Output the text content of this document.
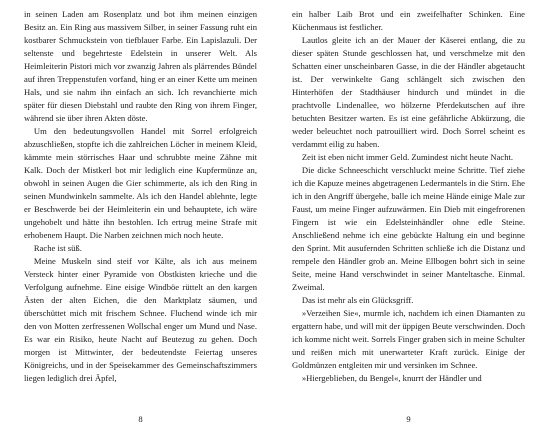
in seinen Laden am Rosenplatz und bot ihm meinen einzigen Besitz an. Ein Ring aus massivem Silber, in seiner Fassung ruht ein kostbarer Schmuckstein von tiefblauer Farbe. Ein Lapislazuli. Der seltenste und begehrteste Edelstein in unserer Welt. Als Heimleiterin Pistori mich vor zwanzig Jahren als plärrendes Bündel auf ihren Treppenstufen vorfand, hing er an einer Kette um meinen Hals, und sie nahm ihn einfach an sich. Ich revanchierte mich später für diesen Diebstahl und raubte den Ring von ihrem Finger, während sie über ihren Akten döste.

Um den bedeutungsvollen Handel mit Sorrel erfolgreich abzuschließen, stopfte ich die zahlreichen Löcher in meinem Kleid, kämmte mein störrisches Haar und schrubbte meine Zähne mit Kalk. Doch der Mistkerl bot mir lediglich eine Kupfermünze an, obwohl in seinen Augen die Gier schimmerte, als ich den Ring in seinen Mundwinkeln sammelte. Als ich den Handel ablehnte, legte er Beschwerde bei der Heimleiterin ein und behauptete, ich wäre ungehobelt und hätte ihn bestohlen. Ich ertrug meine Strafe mit erhobenem Haupt. Die Narben zeichnen mich noch heute.

Rache ist süß.

Meine Muskeln sind steif vor Kälte, als ich aus meinem Versteck hinter einer Pyramide von Obstkisten krieche und die Verfolgung aufnehme. Eine eisige Windböe rüttelt an den kargen Ästen der alten Eichen, die den Marktplatz säumen, und überschüttet mich mit frischem Schnee. Fluchend winde ich mir den von Motten zerfressenen Wollschal enger um Mund und Nase. Es war ein Risiko, heute Nacht auf Beutezug zu gehen. Doch morgen ist Mittwinter, der bedeutendste Feiertag unseres Königreichs, und in der Speisekammer des Gemeinschaftszimmers liegen lediglich drei Äpfel,

8

ein halber Laib Brot und ein zweifelhafter Schinken. Eine Küchenmaus ist festlicher.

Lautlos gleite ich an der Mauer der Käserei entlang, die zu dieser späten Stunde geschlossen hat, und verschmelze mit den Schatten einer unscheinbaren Gasse, in die der Händler abgetaucht ist. Der verwinkelte Gang schlängelt sich zwischen den Hinterhöfen der Stadthäuser hindurch und mündet in die prachtvolle Lindenallee, wo hölzerne Pferdekutschen auf ihre betuchten Besitzer warten. Es ist eine gefährliche Abkürzung, die weder beleuchtet noch patrouilliert wird. Doch Sorrel scheint es verdammt eilig zu haben.

Zeit ist eben nicht immer Geld. Zumindest nicht heute Nacht.

Die dicke Schneeschicht verschluckt meine Schritte. Tief ziehe ich die Kapuze meines abgetragenen Ledermantels in die Stirn. Ehe ich in den Angriff übergehe, balle ich meine Hände einige Male zur Faust, um meine Finger aufzuwärmen. Ein Dieb mit eingefrorenen Fingern ist wie ein Edelsteinhändler ohne edle Steine. Anschließend nehme ich eine gebückte Haltung ein und beginne den Sprint. Mit ausufernden Schritten schließe ich die Distanz und rempele den Händler grob an. Meine Ellbogen bohrt sich in seine Seite, meine Hand verschwindet in seiner Manteltasche. Einmal. Zweimal.

Das ist mehr als ein Glücksgriff.

»Verzeihen Sie«, murmle ich, nachdem ich einen Diamanten zu ergattern habe, und will mit der üppigen Beute verschwinden. Doch ich komme nicht weit. Sorrels Finger graben sich in meine Schulter und reißen mich mit unerwarteter Kraft zurück. Einige der Goldmünzen entgleiten mir und versinken im Schnee.

»Hiergeblieben, du Bengel«, knurrt der Händler und

9
